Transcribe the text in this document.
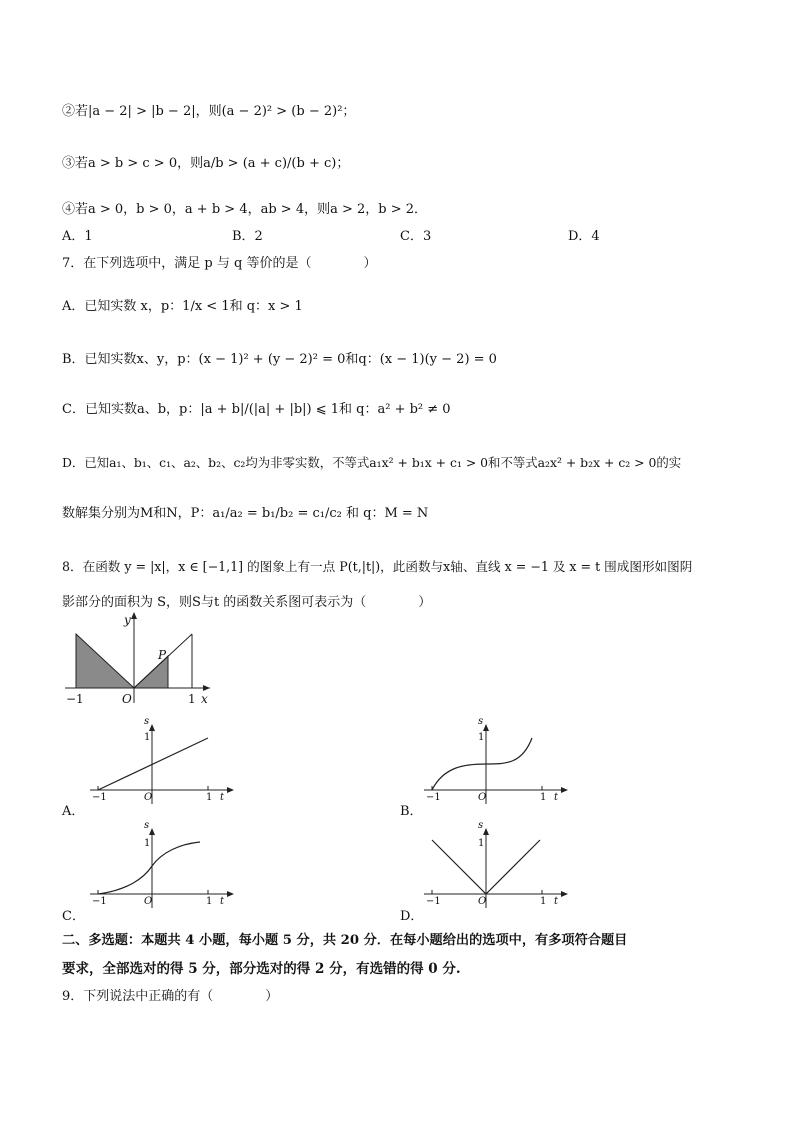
②若|a − 2| > |b − 2|，则(a − 2)² > (b − 2)²；
③若a > b > c > 0，则a/b > (a + c)/(b + c)；
④若a > 0，b > 0，a + b > 4，ab > 4，则a > 2，b > 2．
A．1	B．2	C．3	D．4
7．在下列选项中，满足 p 与 q 等价的是（　　　　）
A．已知实数 x，p：1/x < 1和 q：x > 1
B．已知实数x、y，p：(x − 1)² + (y − 2)² = 0和q：(x − 1)(y − 2) = 0
C．已知实数a、b，p：|a + b|/(|a| + |b|) ⩽ 1和 q：a² + b² ≠ 0
D．已知a₁、b₁、c₁、a₂、b₂、c₂均为非零实数，不等式a₁x² + b₁x + c₁ > 0和不等式a₂x² + b₂x + c₂ > 0的实
数解集分别为M和N，P：a₁/a₂ = b₁/b₂ = c₁/c₂ 和 q：M = N
8．在函数 y = |x|，x ∈ [−1,1] 的图象上有一点 P(t,|t|)，此函数与x轴、直线 x = −1 及 x = t 围成图形如图阴
影部分的面积为 S，则S与t 的函数关系图可表示为（　　　　）
y
x
P
O
−1	1
s
1
O
−1	1 t
A．
s
1
O
−1	1 t
B．
s
1
O
−1	1 t
C．
s
1
O
−1	1 t
D．
二、多选题：本题共 4 小题，每小题 5 分，共 20 分．在每小题给出的选项中，有多项符合题目
要求，全部选对的得 5 分，部分选对的得 2 分，有选错的得 0 分.
9．下列说法中正确的有（　　　　）
